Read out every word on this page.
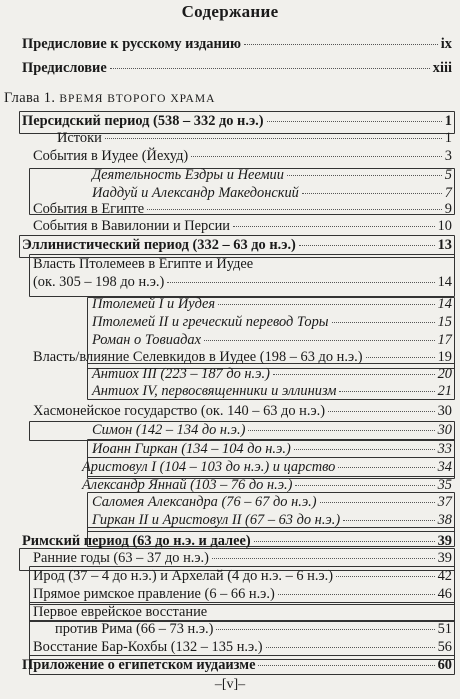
Содержание
Предисловие к русскому изданию	ix
Предисловие	xiii
Глава 1. ВРЕМЯ ВТОРОГО ХРАМА
Персидский период (538 – 332 до н.э.)	1
Истоки	1
События в Иудее (Йехуд)	3
Деятельность Ездры и Неемии	5
Иаддуй и Александр Македонский	7
События в Египте	9
События в Вавилонии и Персии	10
Эллинистический период (332 – 63 до н.э.)	13
Власть Птолемеев в Египте и Иудее
(ок. 305 – 198 до н.э.)	14
Птолемей I и Иудея	14
Птолемей II и греческий перевод Торы	15
Роман о Товиадах	17
Власть/влияние Селевкидов в Иудее (198 – 63 до н.э.)	19
Антиох III (223 – 187 до н.э.)	20
Антиох IV, первосвященники и эллинизм	21
Хасмонейское государство (ок. 140 – 63 до н.э.)	30
Симон (142 – 134 до н.э.)	30
Иоанн Гиркан (134 – 104 до н.э.)	33
Аристовул I (104 – 103 до н.э.) и царство	34
Александр Яннай (103 – 76 до н.э.)	35
Саломея Александра (76 – 67 до н.э.)	37
Гиркан II и Аристовул II (67 – 63 до н.э.)	38
Римский период (63 до н.э. и далее)	39
Ранние годы (63 – 37 до н.э.)	39
Ирод (37 – 4 до н.э.) и Архелай (4 до н.э. – 6 н.э.)	42
Прямое римское правление (6 – 66 н.э.)	46
Первое еврейское восстание
против Рима (66 – 73 н.э.)	51
Восстание Бар-Кохбы (132 – 135 н.э.)	56
Приложение о египетском иудаизме	60
–[v]–
